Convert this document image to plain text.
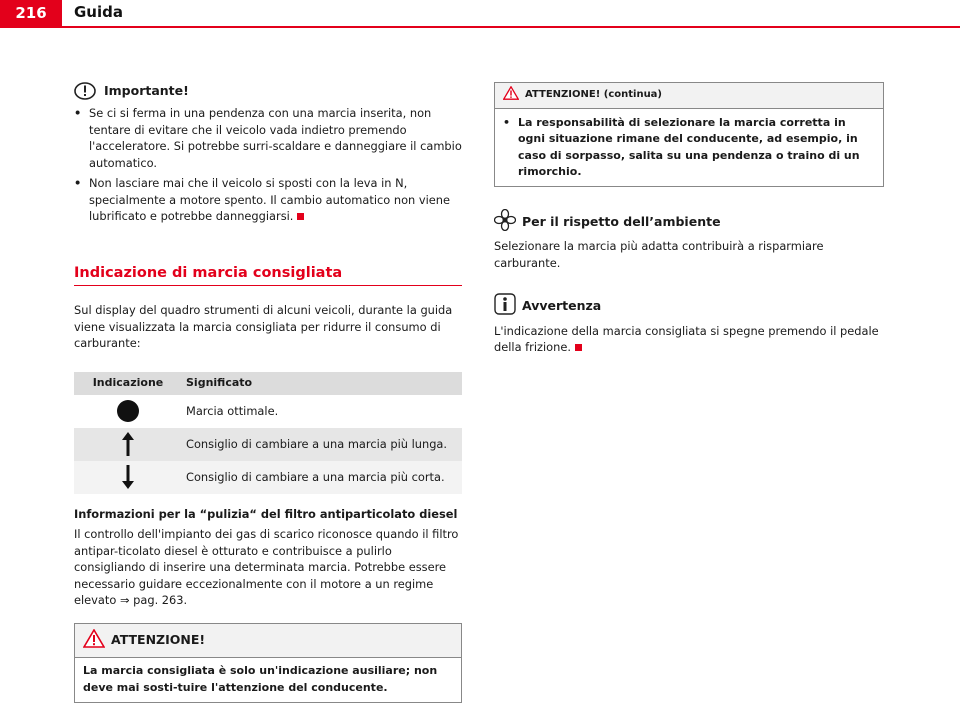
216	Guida
Importante!
• Se ci si ferma in una pendenza con una marcia inserita, non tentare di evitare che il veicolo vada indietro premendo l'acceleratore. Si potrebbe surri-scaldare e danneggiare il cambio automatico.
• Non lasciare mai che il veicolo si sposti con la leva in N, specialmente a motore spento. Il cambio automatico non viene lubrificato e potrebbe danneggiarsi.
Indicazione di marcia consigliata

Sul display del quadro strumenti di alcuni veicoli, durante la guida viene visualizzata la marcia consigliata per ridurre il consumo di carburante:

Indicazione	Significato
	Marcia ottimale.
	Consiglio di cambiare a una marcia più lunga.
	Consiglio di cambiare a una marcia più corta.
Informazioni per la “pulizia“ del filtro antiparticolato diesel

Il controllo dell'impianto dei gas di scarico riconosce quando il filtro antipar-ticolato diesel è otturato e contribuisce a pulirlo consigliando di inserire una determinata marcia. Potrebbe essere necessario guidare eccezionalmente con il motore a un regime elevato ⇒ pag. 263.

ATTENZIONE!
La marcia consigliata è solo un'indicazione ausiliare; non deve mai sosti-tuire l'attenzione del conducente.
ATTENZIONE! (continua)
• La responsabilità di selezionare la marcia corretta in ogni situazione rimane del conducente, ad esempio, in caso di sorpasso, salita su una pendenza o traino di un rimorchio.
Per il rispetto dell’ambiente

Selezionare la marcia più adatta contribuirà a risparmiare carburante.

Avvertenza

L'indicazione della marcia consigliata si spegne premendo il pedale della frizione.
